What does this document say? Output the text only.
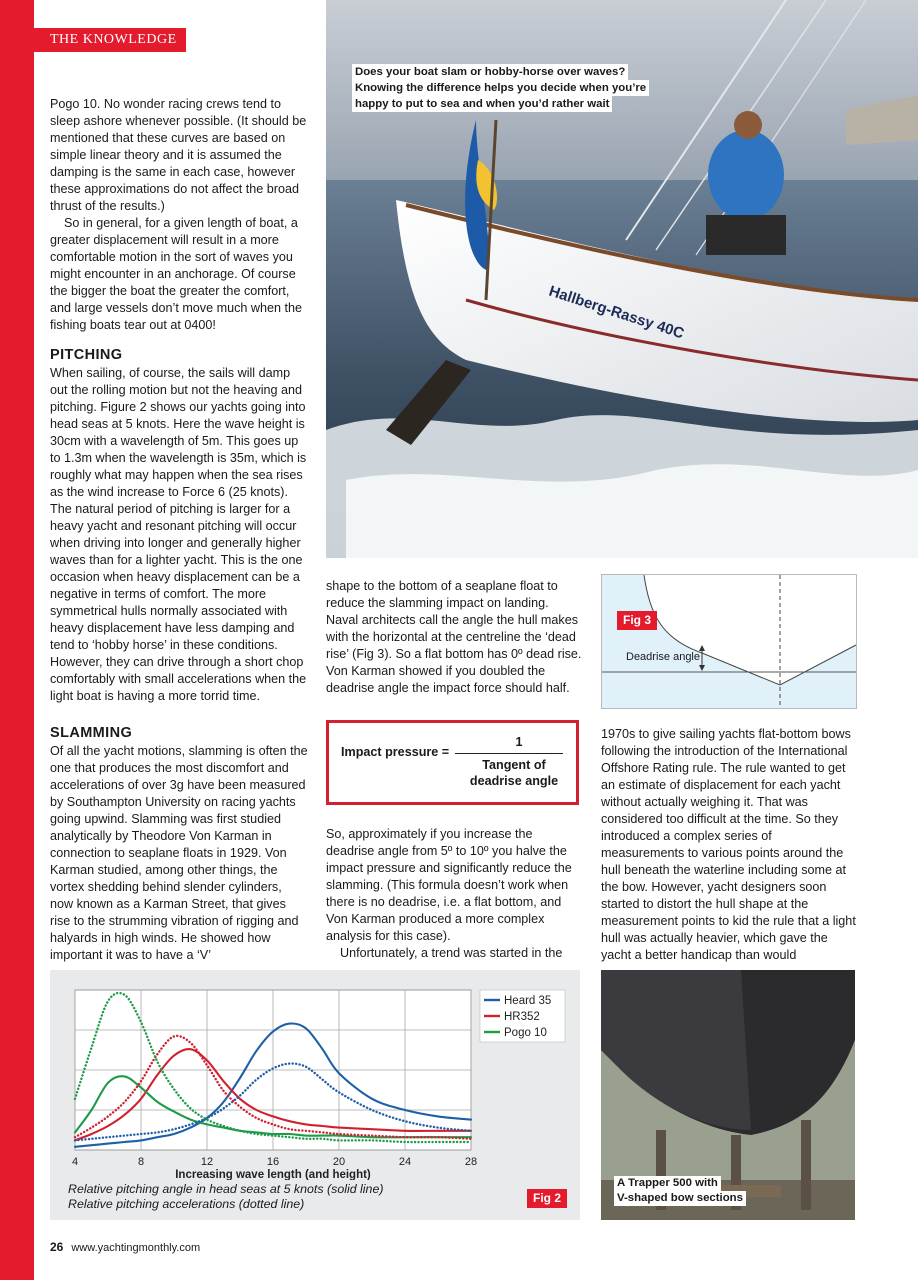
THE KNOWLEDGE
Hallberg-Rassy 40C
Does your boat slam or hobby-horse over waves?
Knowing the difference helps you decide when you’re
happy to put to sea and when you’d rather wait

Pogo 10. No wonder racing crews tend to sleep ashore whenever possible. (It should be mentioned that these curves are based on simple linear theory and it is assumed the damping is the same in each case, however these approximations do not affect the broad thrust of the results.)

So in general, for a given length of boat, a greater displacement will result in a more comfortable motion in the sort of waves you might encounter in an anchorage. Of course the bigger the boat the greater the comfort, and large vessels don’t move much when the fishing boats tear out at 0400!

PITCHING

When sailing, of course, the sails will damp out the rolling motion but not the heaving and pitching. Figure 2 shows our yachts going into head seas at 5 knots. Here the wave height is 30cm with a wavelength of 5m. This goes up to 1.3m when the wavelength is 35m, which is roughly what may happen when the sea rises as the wind increase to Force 6 (25 knots). The natural period of pitching is larger for a heavy yacht and resonant pitching will occur when driving into longer and generally higher waves than for a lighter yacht. This is the one occasion when heavy displacement can be a negative in terms of comfort. The more symmetrical hulls normally associated with heavy displacement have less damping and tend to ‘hobby horse’ in these conditions. However, they can drive through a short chop comfortably with small accelerations when the light boat is having a more torrid time.

SLAMMING

Of all the yacht motions, slamming is often the one that produces the most discomfort and accelerations of over 3g have been measured by Southampton University on racing yachts going upwind. Slamming was first studied analytically by Theodore Von Karman in connection to seaplane floats in 1929. Von Karman studied, among other things, the vortex shedding behind slender cylinders, now known as a Karman Street, that gives rise to the strumming vibration of rigging and halyards in high winds. He showed how important it was to have a ‘V’

shape to the bottom of a seaplane float to reduce the slamming impact on landing. Naval architects call the angle the hull makes with the horizontal at the centreline the ‘dead rise’ (Fig 3). So a flat bottom has 0º dead rise. Von Karman showed if you doubled the deadrise angle the impact force should half.

Impact pressure =
1
Tangent of
deadrise angle

So, approximately if you increase the deadrise angle from 5º to 10º you halve the impact pressure and significantly reduce the slamming. (This formula doesn’t work when there is no deadrise, i.e. a flat bottom, and Von Karman produced a more complex analysis for this case).

Unfortunately, a trend was started in the

Deadrise angle
Fig 3

1970s to give sailing yachts flat-bottom bows following the introduction of the International Offshore Rating rule. The rule wanted to get an estimate of displacement for each yacht without actually weighing it. That was considered too difficult at the time. So they introduced a complex series of measurements to various points around the hull beneath the waterline including some at the bow. However, yacht designers soon started to distort the hull shape at the measurement points to kid the rule that a light hull was actually heavier, which gave the yacht a better handicap than would

4	8	12	16	20	24	28
Increasing wave length (and height)
Heard 35
HR352
Pogo 10
Relative pitching angle in head seas at 5 knots (solid line)
Relative pitching accelerations (dotted line)	Fig 2
A Trapper 500 with
V-shaped bow sections
26 www.yachtingmonthly.com
